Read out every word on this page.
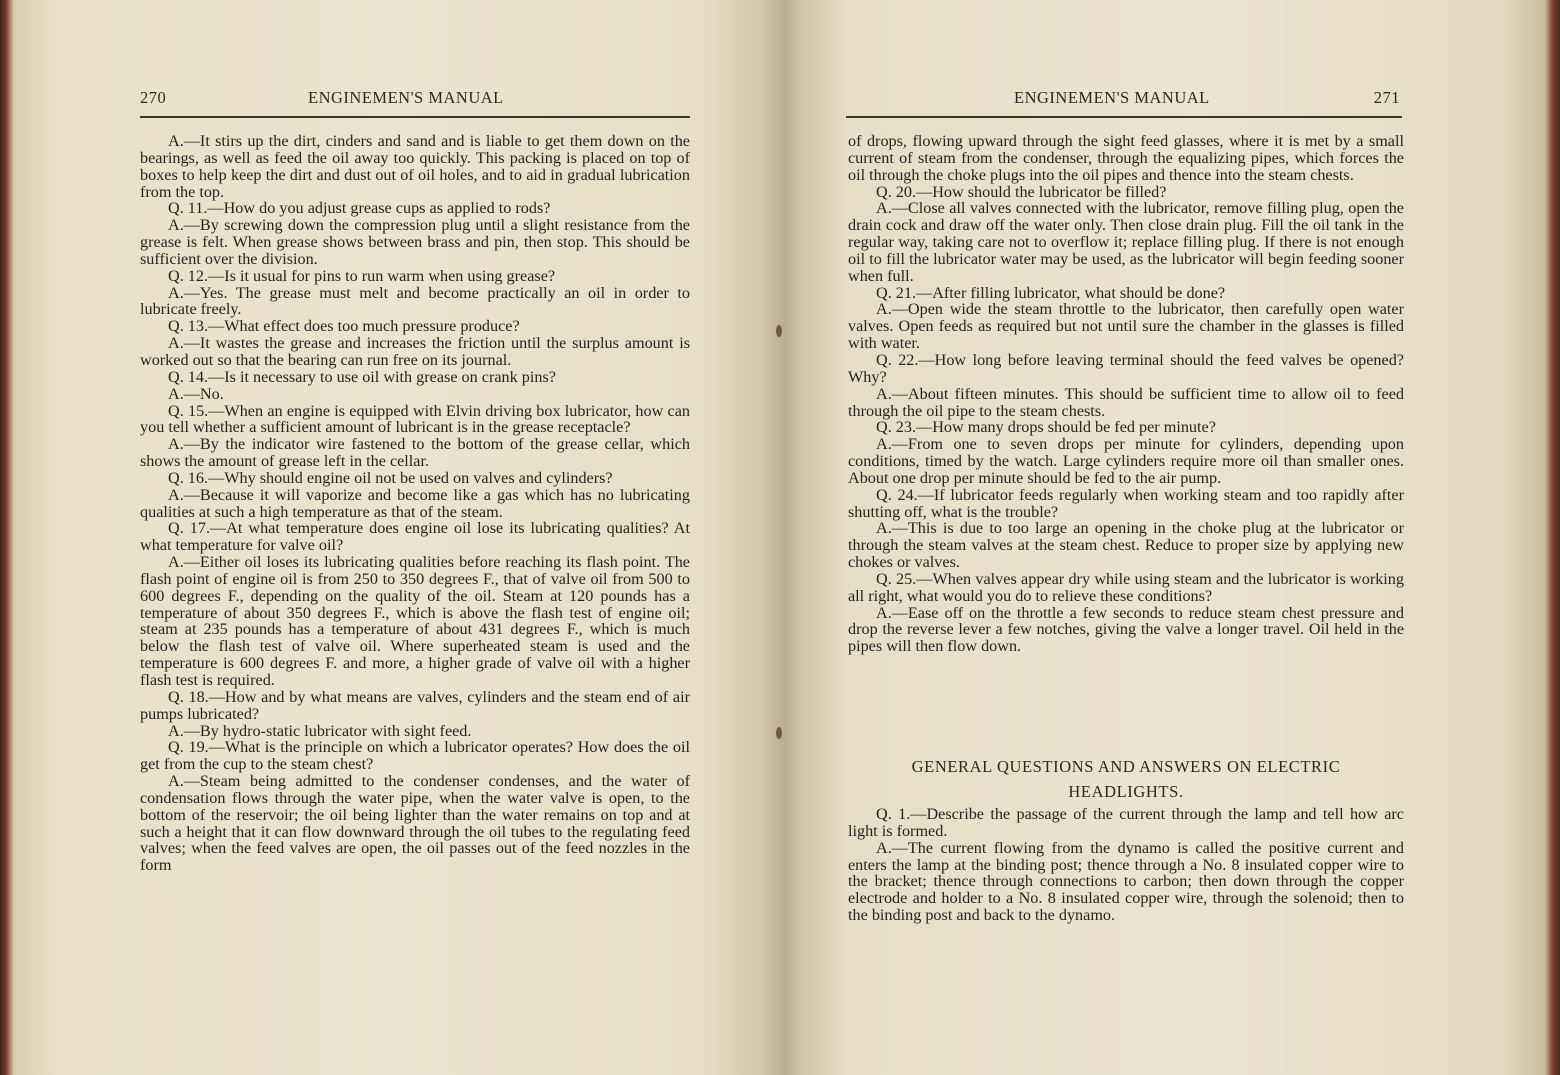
270	ENGINEMEN'S MANUAL

A.—It stirs up the dirt, cinders and sand and is liable to get them down on the bearings, as well as feed the oil away too quickly. This packing is placed on top of boxes to help keep the dirt and dust out of oil holes, and to aid in gradual lubrication from the top.

Q. 11.—How do you adjust grease cups as applied to rods?

A.—By screwing down the compression plug until a slight resistance from the grease is felt. When grease shows between brass and pin, then stop. This should be sufficient over the division.

Q. 12.—Is it usual for pins to run warm when using grease?

A.—Yes. The grease must melt and become practically an oil in order to lubricate freely.

Q. 13.—What effect does too much pressure produce?

A.—It wastes the grease and increases the friction until the surplus amount is worked out so that the bearing can run free on its journal.

Q. 14.—Is it necessary to use oil with grease on crank pins?

A.—No.

Q. 15.—When an engine is equipped with Elvin driving box lubricator, how can you tell whether a sufficient amount of lubricant is in the grease receptacle?

A.—By the indicator wire fastened to the bottom of the grease cellar, which shows the amount of grease left in the cellar.

Q. 16.—Why should engine oil not be used on valves and cylinders?

A.—Because it will vaporize and become like a gas which has no lubricating qualities at such a high temperature as that of the steam.

Q. 17.—At what temperature does engine oil lose its lubricating qualities? At what temperature for valve oil?

A.—Either oil loses its lubricating qualities before reaching its flash point. The flash point of engine oil is from 250 to 350 degrees F., that of valve oil from 500 to 600 degrees F., depending on the quality of the oil. Steam at 120 pounds has a temperature of about 350 degrees F., which is above the flash test of engine oil; steam at 235 pounds has a temperature of about 431 degrees F., which is much below the flash test of valve oil. Where superheated steam is used and the temperature is 600 degrees F. and more, a higher grade of valve oil with a higher flash test is required.

Q. 18.—How and by what means are valves, cylinders and the steam end of air pumps lubricated?

A.—By hydro-static lubricator with sight feed.

Q. 19.—What is the principle on which a lubricator operates? How does the oil get from the cup to the steam chest?

A.—Steam being admitted to the condenser condenses, and the water of condensation flows through the water pipe, when the water valve is open, to the bottom of the reservoir; the oil being lighter than the water remains on top and at such a height that it can flow downward through the oil tubes to the regulating feed valves; when the feed valves are open, the oil passes out of the feed nozzles in the form

ENGINEMEN'S MANUAL	271

of drops, flowing upward through the sight feed glasses, where it is met by a small current of steam from the condenser, through the equalizing pipes, which forces the oil through the choke plugs into the oil pipes and thence into the steam chests.

Q. 20.—How should the lubricator be filled?

A.—Close all valves connected with the lubricator, remove filling plug, open the drain cock and draw off the water only. Then close drain plug. Fill the oil tank in the regular way, taking care not to overflow it; replace filling plug. If there is not enough oil to fill the lubricator water may be used, as the lubricator will begin feeding sooner when full.

Q. 21.—After filling lubricator, what should be done?

A.—Open wide the steam throttle to the lubricator, then carefully open water valves. Open feeds as required but not until sure the chamber in the glasses is filled with water.

Q. 22.—How long before leaving terminal should the feed valves be opened? Why?

A.—About fifteen minutes. This should be sufficient time to allow oil to feed through the oil pipe to the steam chests.

Q. 23.—How many drops should be fed per minute?

A.—From one to seven drops per minute for cylinders, depending upon conditions, timed by the watch. Large cylinders require more oil than smaller ones. About one drop per minute should be fed to the air pump.

Q. 24.—If lubricator feeds regularly when working steam and too rapidly after shutting off, what is the trouble?

A.—This is due to too large an opening in the choke plug at the lubricator or through the steam valves at the steam chest. Reduce to proper size by applying new chokes or valves.

Q. 25.—When valves appear dry while using steam and the lubricator is working all right, what would you do to relieve these conditions?

A.—Ease off on the throttle a few seconds to reduce steam chest pressure and drop the reverse lever a few notches, giving the valve a longer travel. Oil held in the pipes will then flow down.

GENERAL QUESTIONS AND ANSWERS ON ELECTRIC
HEADLIGHTS.

Q. 1.—Describe the passage of the current through the lamp and tell how arc light is formed.

A.—The current flowing from the dynamo is called the positive current and enters the lamp at the binding post; thence through a No. 8 insulated copper wire to the bracket; thence through connections to carbon; then down through the copper electrode and holder to a No. 8 insulated copper wire, through the solenoid; then to the binding post and back to the dynamo.
